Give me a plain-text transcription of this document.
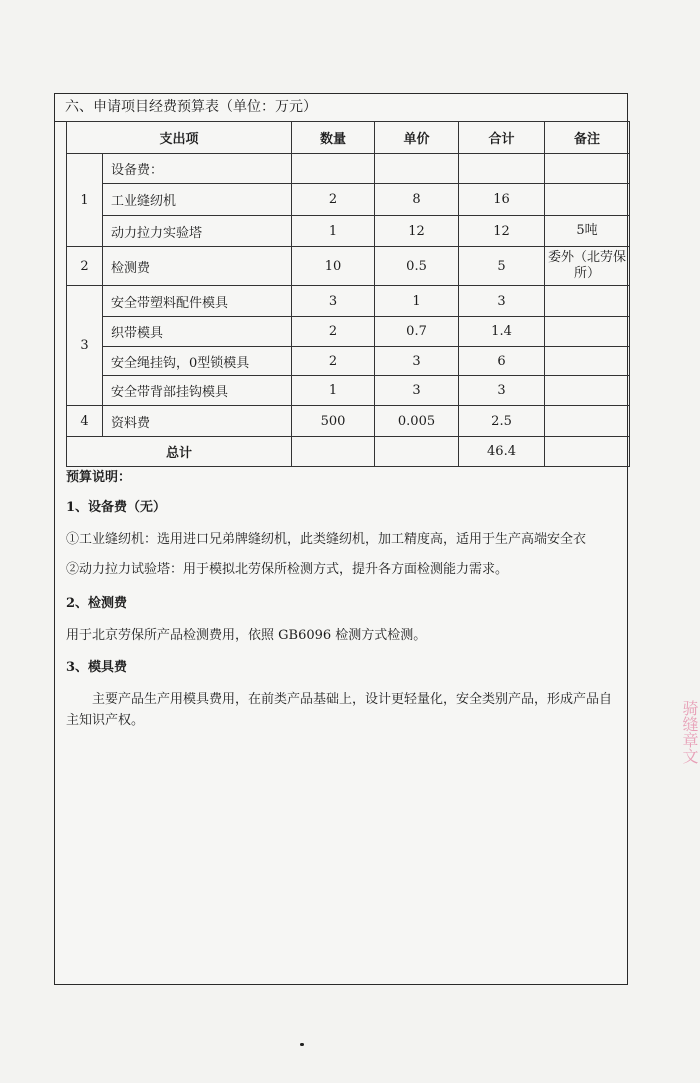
六、申请项目经费预算表（单位：万元）
支出项		数量	单价	合计	备注
1	设备费：				
	工业缝纫机	2	8	16	
	动力拉力实验塔	1	12	12	5吨
2	检测费	10	0.5	5	委外（北劳保所）
3	安全带塑料配件模具	3	1	3	
	织带模具	2	0.7	1.4	
	安全绳挂钩，0型锁模具	2	3	6	
	安全带背部挂钩模具	1	3	3	
4	资料费	500	0.005	2.5	
总计				46.4	

预算说明：

1、设备费（无）

①工业缝纫机：选用进口兄弟牌缝纫机，此类缝纫机，加工精度高，适用于生产高端安全衣

②动力拉力试验塔：用于模拟北劳保所检测方式，提升各方面检测能力需求。

2、检测费

用于北京劳保所产品检测费用，依照 GB6096 检测方式检测。

3、模具费

　　主要产品生产用模具费用，在前类产品基础上，设计更轻量化，安全类别产品，形成产品自主知识产权。	骑缝章文
